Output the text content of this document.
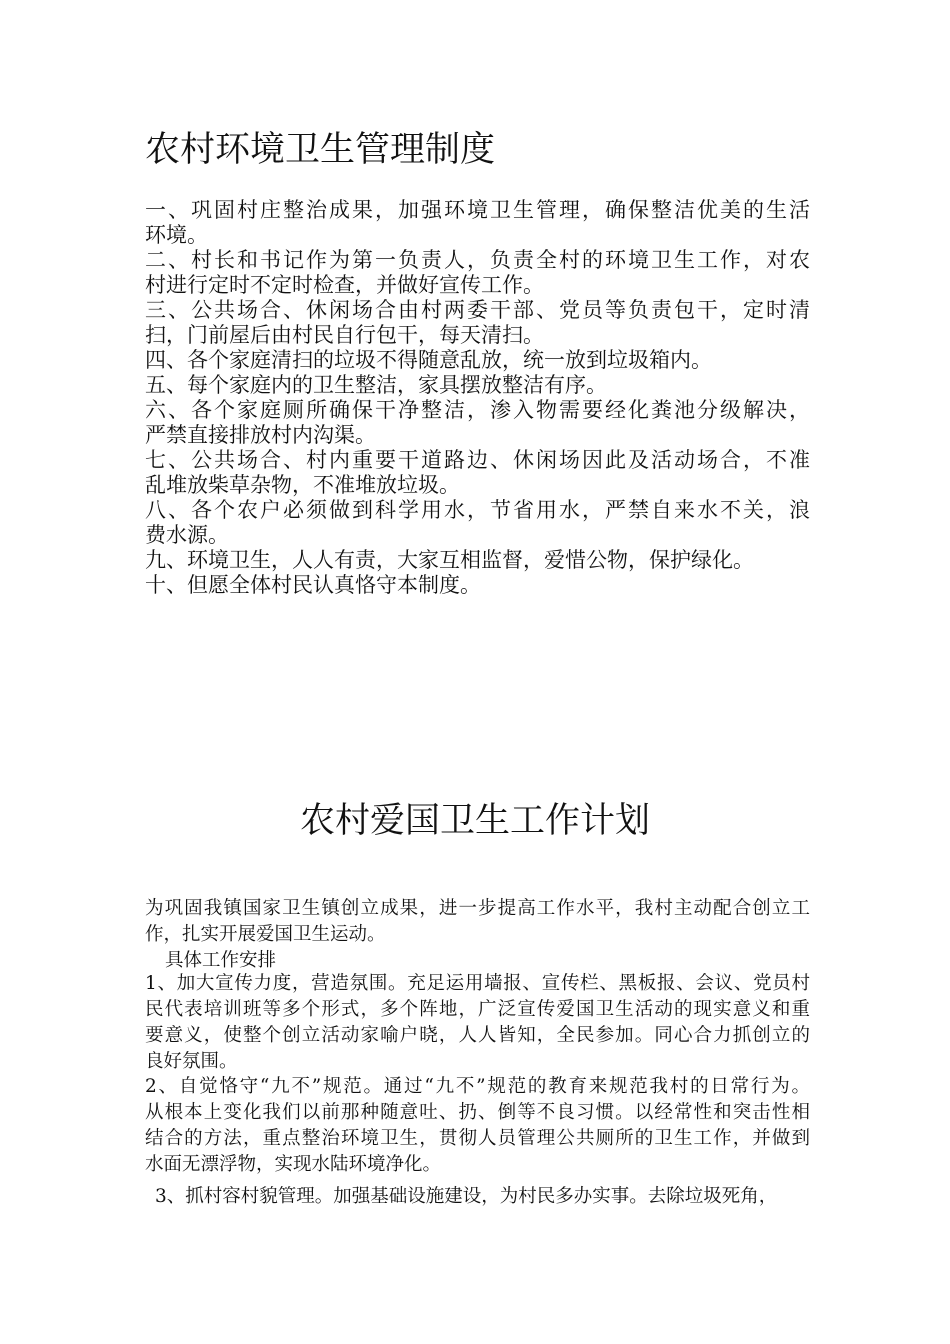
农村环境卫生管理制度
一、巩固村庄整治成果，加强环境卫生管理，确保整洁优美的生活
环境。
二、村长和书记作为第一负责人，负责全村的环境卫生工作，对农
村进行定时不定时检查，并做好宣传工作。
三、公共场合、休闲场合由村两委干部、党员等负责包干，定时清
扫，门前屋后由村民自行包干，每天清扫。
四、各个家庭清扫的垃圾不得随意乱放，统一放到垃圾箱内。
五、每个家庭内的卫生整洁，家具摆放整洁有序。
六、各个家庭厕所确保干净整洁，渗入物需要经化粪池分级解决，
严禁直接排放村内沟渠。
七、公共场合、村内重要干道路边、休闲场因此及活动场合，不准
乱堆放柴草杂物，不准堆放垃圾。
八、各个农户必须做到科学用水，节省用水，严禁自来水不关，浪
费水源。
九、环境卫生，人人有责，大家互相监督，爱惜公物，保护绿化。
十、但愿全体村民认真恪守本制度。
农村爱国卫生工作计划
为巩固我镇国家卫生镇创立成果，进一步提高工作水平，我村主动配合创立工
作，扎实开展爱国卫生运动。
具体工作安排
1、加大宣传力度，营造氛围。充足运用墙报、宣传栏、黑板报、会议、党员村
民代表培训班等多个形式，多个阵地，广泛宣传爱国卫生活动的现实意义和重
要意义，使整个创立活动家喻户晓，人人皆知，全民参加。同心合力抓创立的
良好氛围。
2、自觉恪守“九不”规范。通过“九不”规范的教育来规范我村的日常行为。
从根本上变化我们以前那种随意吐、扔、倒等不良习惯。以经常性和突击性相
结合的方法，重点整治环境卫生，贯彻人员管理公共厕所的卫生工作，并做到
水面无漂浮物，实现水陆环境净化。
3、抓村容村貌管理。加强基础设施建设，为村民多办实事。去除垃圾死角，
